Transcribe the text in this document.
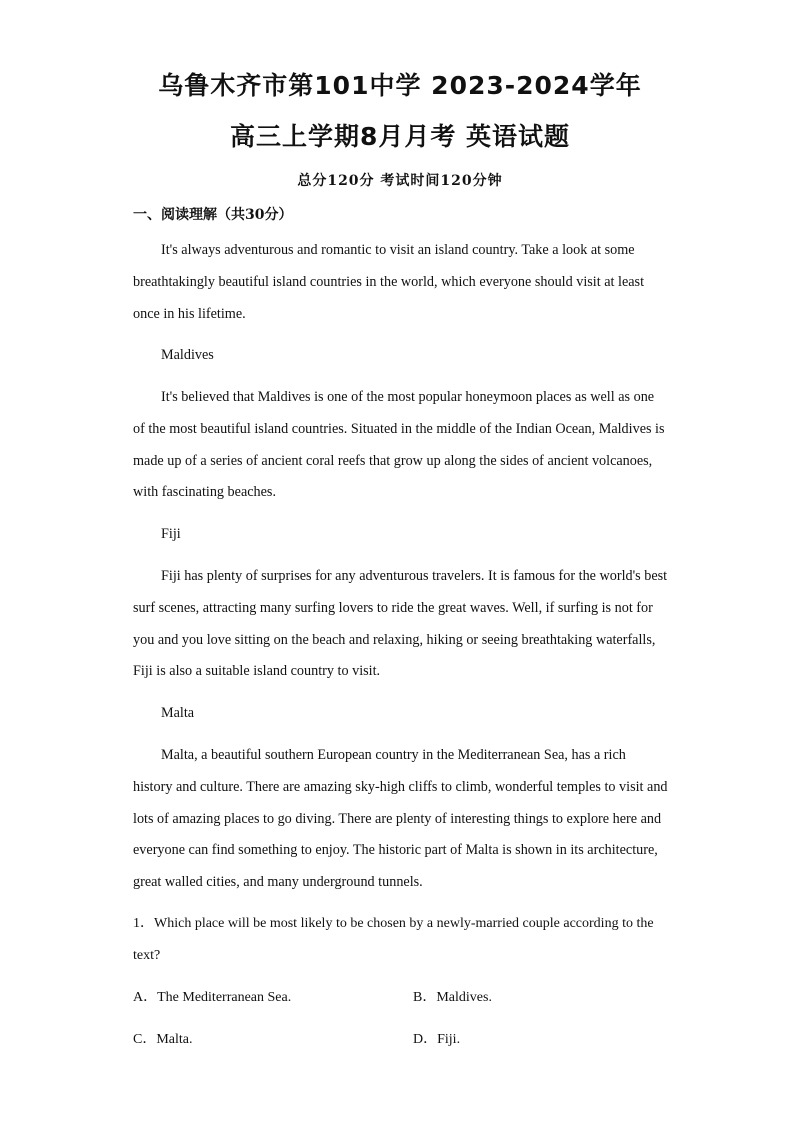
乌鲁木齐市第101中学 2023-2024学年
高三上学期8月月考 英语试题
总分120分 考试时间120分钟
一、阅读理解（共30分）
It's always adventurous and romantic to visit an island country. Take a look at some
breathtakingly beautiful island countries in the world, which everyone should visit at least
once in his lifetime.
Maldives
It's believed that Maldives is one of the most popular honeymoon places as well as one
of the most beautiful island countries. Situated in the middle of the Indian Ocean, Maldives is
made up of a series of ancient coral reefs that grow up along the sides of ancient volcanoes,
with fascinating beaches.
Fiji
Fiji has plenty of surprises for any adventurous travelers. It is famous for the world's best
surf scenes, attracting many surfing lovers to ride the great waves. Well, if surfing is not for
you and you love sitting on the beach and relaxing, hiking or seeing breathtaking waterfalls,
Fiji is also a suitable island country to visit.
Malta
Malta, a beautiful southern European country in the Mediterranean Sea, has a rich
history and culture. There are amazing sky-high cliffs to climb, wonderful temples to visit and
lots of amazing places to go diving. There are plenty of interesting things to explore here and
everyone can find something to enjoy. The historic part of Malta is shown in its architecture,
great walled cities, and many underground tunnels.
1．Which place will be most likely to be chosen by a newly-married couple according to the
text?
A．The Mediterranean Sea.	B．Maldives.
C．Malta.	D．Fiji.
